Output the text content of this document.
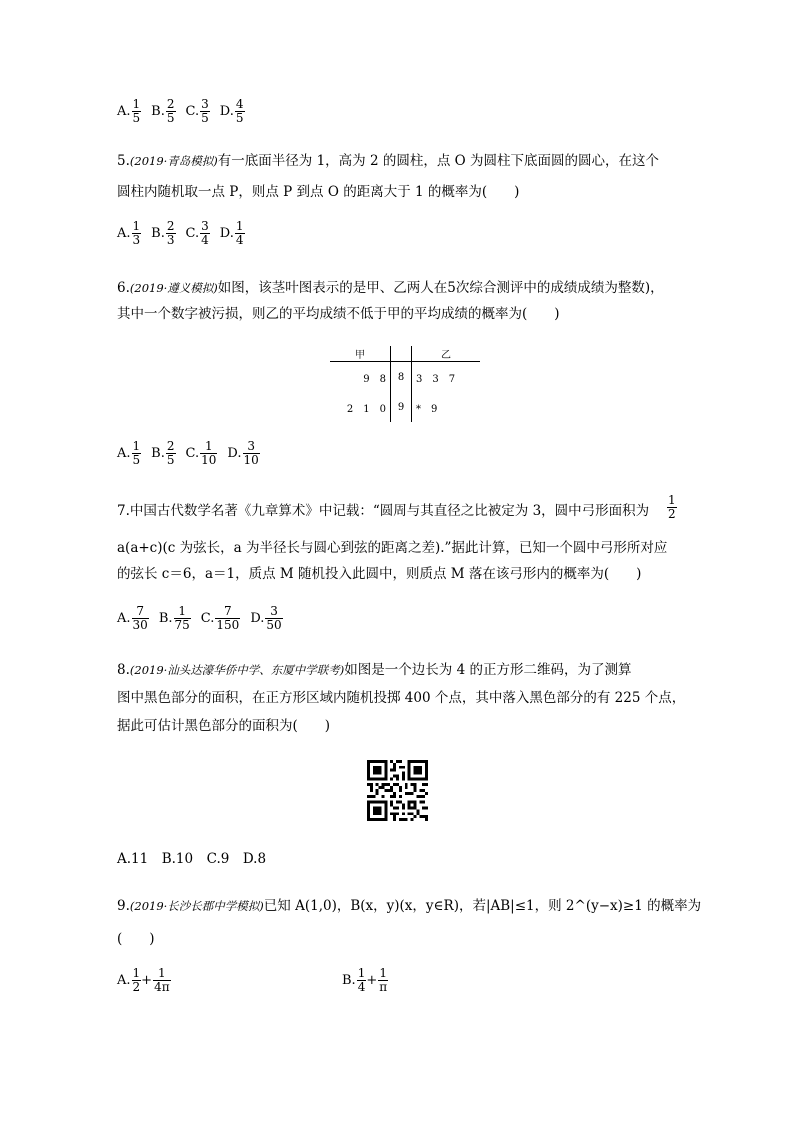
A. $\frac{1}{5} B$. $\frac{2}{5} C$. $\frac{3}{5} D$. $\frac{4}{5}$
5.(2019·青岛模拟)有一底面半径为 1，高为 2 的圆柱，点 O 为圆柱下底面圆的圆心，在这个
圆柱内随机取一点 P，则点 P 到点 O 的距离大于 1 的概率为(　　)
A. $\frac{1}{3} B$. $\frac{2}{3} C$. $\frac{3}{4} D$. $\frac{1}{4}$
6.(2019·遵义模拟)如图，该茎叶图表示的是甲、乙两人在5次综合测评中的成绩成绩为整数)，
其中一个数字被污损，则乙的平均成绩不低于甲的平均成绩的概率为(　　)
甲		乙
9　8	8	3　3　7
2　1　0	9	*　9
A. $\frac{1}{5} B$. $\frac{2}{5} C$. $\frac{1}{10} D$. $\frac{3}{10}$
7.中国古代数学名著《九章算术》中记载：“圆周与其直径之比被定为 3，圆中弓形面积为 $\frac{1}{2}$
a(a+c)(c 为弦长，a 为半径长与圆心到弦的距离之差).”据此计算，已知一个圆中弓形所对应
的弦长 c＝6，a＝1，质点 M 随机投入此圆中，则质点 M 落在该弓形内的概率为(　　)
A. $\frac{7}{30} B$. $\frac{1}{75} C$. $\frac{7}{150} D$. $\frac{3}{50}$
8.(2019·汕头达濠华侨中学、东厦中学联考)如图是一个边长为 4 的正方形二维码，为了测算
图中黑色部分的面积，在正方形区域内随机投掷 400 个点，其中落入黑色部分的有 225 个点，
据此可估计黑色部分的面积为(　　)
A.11　B.10　C.9　D.8
9.(2019·长沙长郡中学模拟)已知 A(1,0)，B(x，y)(x，y∈R)，若|AB|≤1，则 2^(y−x)≥1 的概率为
(　　)
A. $\frac{1}{2} + \frac{1}{4\pi}$	B. $\frac{1}{4} + \frac{1}{\pi}$
